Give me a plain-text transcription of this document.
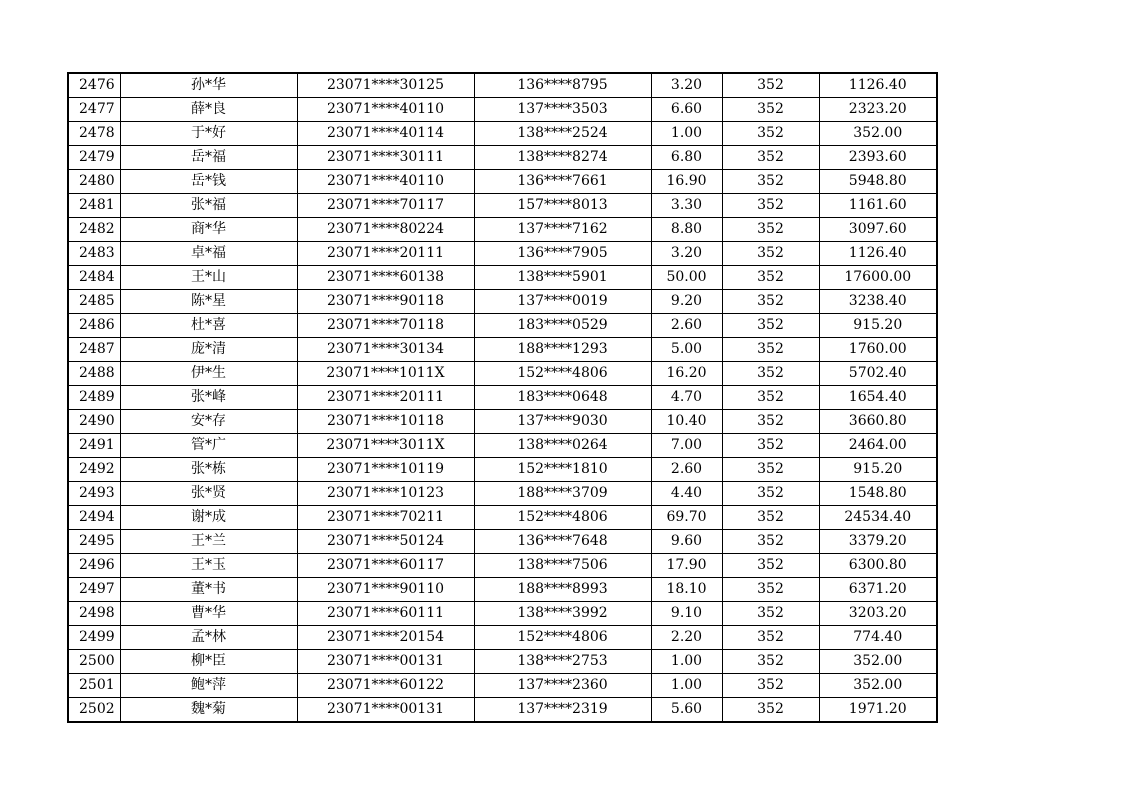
2476	孙*华	23071****30125	136****8795	3.20	352	1126.40
2477	薛*良	23071****40110	137****3503	6.60	352	2323.20
2478	于*好	23071****40114	138****2524	1.00	352	352.00
2479	岳*福	23071****30111	138****8274	6.80	352	2393.60
2480	岳*钱	23071****40110	136****7661	16.90	352	5948.80
2481	张*福	23071****70117	157****8013	3.30	352	1161.60
2482	商*华	23071****80224	137****7162	8.80	352	3097.60
2483	卓*福	23071****20111	136****7905	3.20	352	1126.40
2484	王*山	23071****60138	138****5901	50.00	352	17600.00
2485	陈*星	23071****90118	137****0019	9.20	352	3238.40
2486	杜*喜	23071****70118	183****0529	2.60	352	915.20
2487	庞*清	23071****30134	188****1293	5.00	352	1760.00
2488	伊*生	23071****1011X	152****4806	16.20	352	5702.40
2489	张*峰	23071****20111	183****0648	4.70	352	1654.40
2490	安*存	23071****10118	137****9030	10.40	352	3660.80
2491	管*广	23071****3011X	138****0264	7.00	352	2464.00
2492	张*栋	23071****10119	152****1810	2.60	352	915.20
2493	张*贤	23071****10123	188****3709	4.40	352	1548.80
2494	谢*成	23071****70211	152****4806	69.70	352	24534.40
2495	王*兰	23071****50124	136****7648	9.60	352	3379.20
2496	王*玉	23071****60117	138****7506	17.90	352	6300.80
2497	董*书	23071****90110	188****8993	18.10	352	6371.20
2498	曹*华	23071****60111	138****3992	9.10	352	3203.20
2499	孟*林	23071****20154	152****4806	2.20	352	774.40
2500	柳*臣	23071****00131	138****2753	1.00	352	352.00
2501	鲍*萍	23071****60122	137****2360	1.00	352	352.00
2502	魏*菊	23071****00131	137****2319	5.60	352	1971.20
